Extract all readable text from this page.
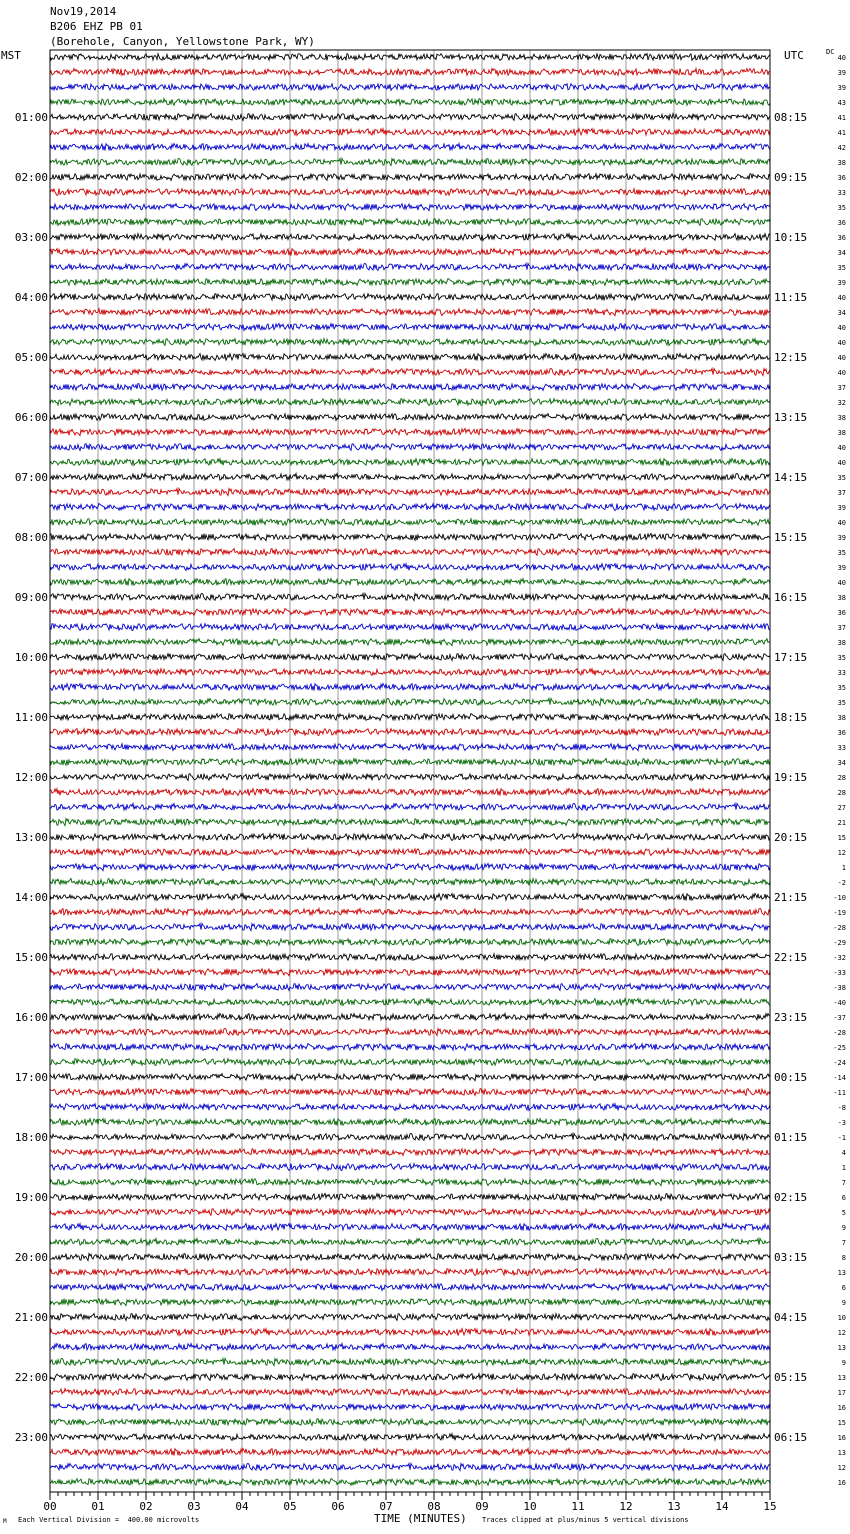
Nov19,2014
B206 EHZ PB 01
(Borehole, Canyon, Yellowstone Park, WY)
MST	UTC	DC
40
39
39
43
41
41
42
38
36
33
35
36
36
34
35
39
40
34
40
40
40
40
37
32
38
38
40
40
35
37
39
40
39
35
39
40
38
36
37
38
35
33
35
35
38
36
33
34
28
28
27
21
15
12
1
-2
-10
-19
-28
-29
-32
-33
-38
-40
-37
-28
-25
-24
-14
-11
-8
-3
-1
4
1
7
6
5
9
7
8
13
6
9
10
12
13
9
13
17
16
15
16
13
12
16
01:00	08:15
02:00	09:15
03:00	10:15
04:00	11:15
05:00	12:15
06:00	13:15
07:00	14:15
08:00	15:15
09:00	16:15
10:00	17:15
11:00	18:15
12:00	19:15
13:00	20:15
14:00	21:15
15:00	22:15
16:00	23:15
17:00	00:15
18:00	01:15
19:00	02:15
20:00	03:15
21:00	04:15
22:00	05:15
23:00	06:15
00	01	02	03	04	05	06	07	08	09	10	11	12	13	14	15
M Each Vertical Division =  400.00 microvolts	TIME (MINUTES) Traces clipped at plus/minus 5 vertical divisions
